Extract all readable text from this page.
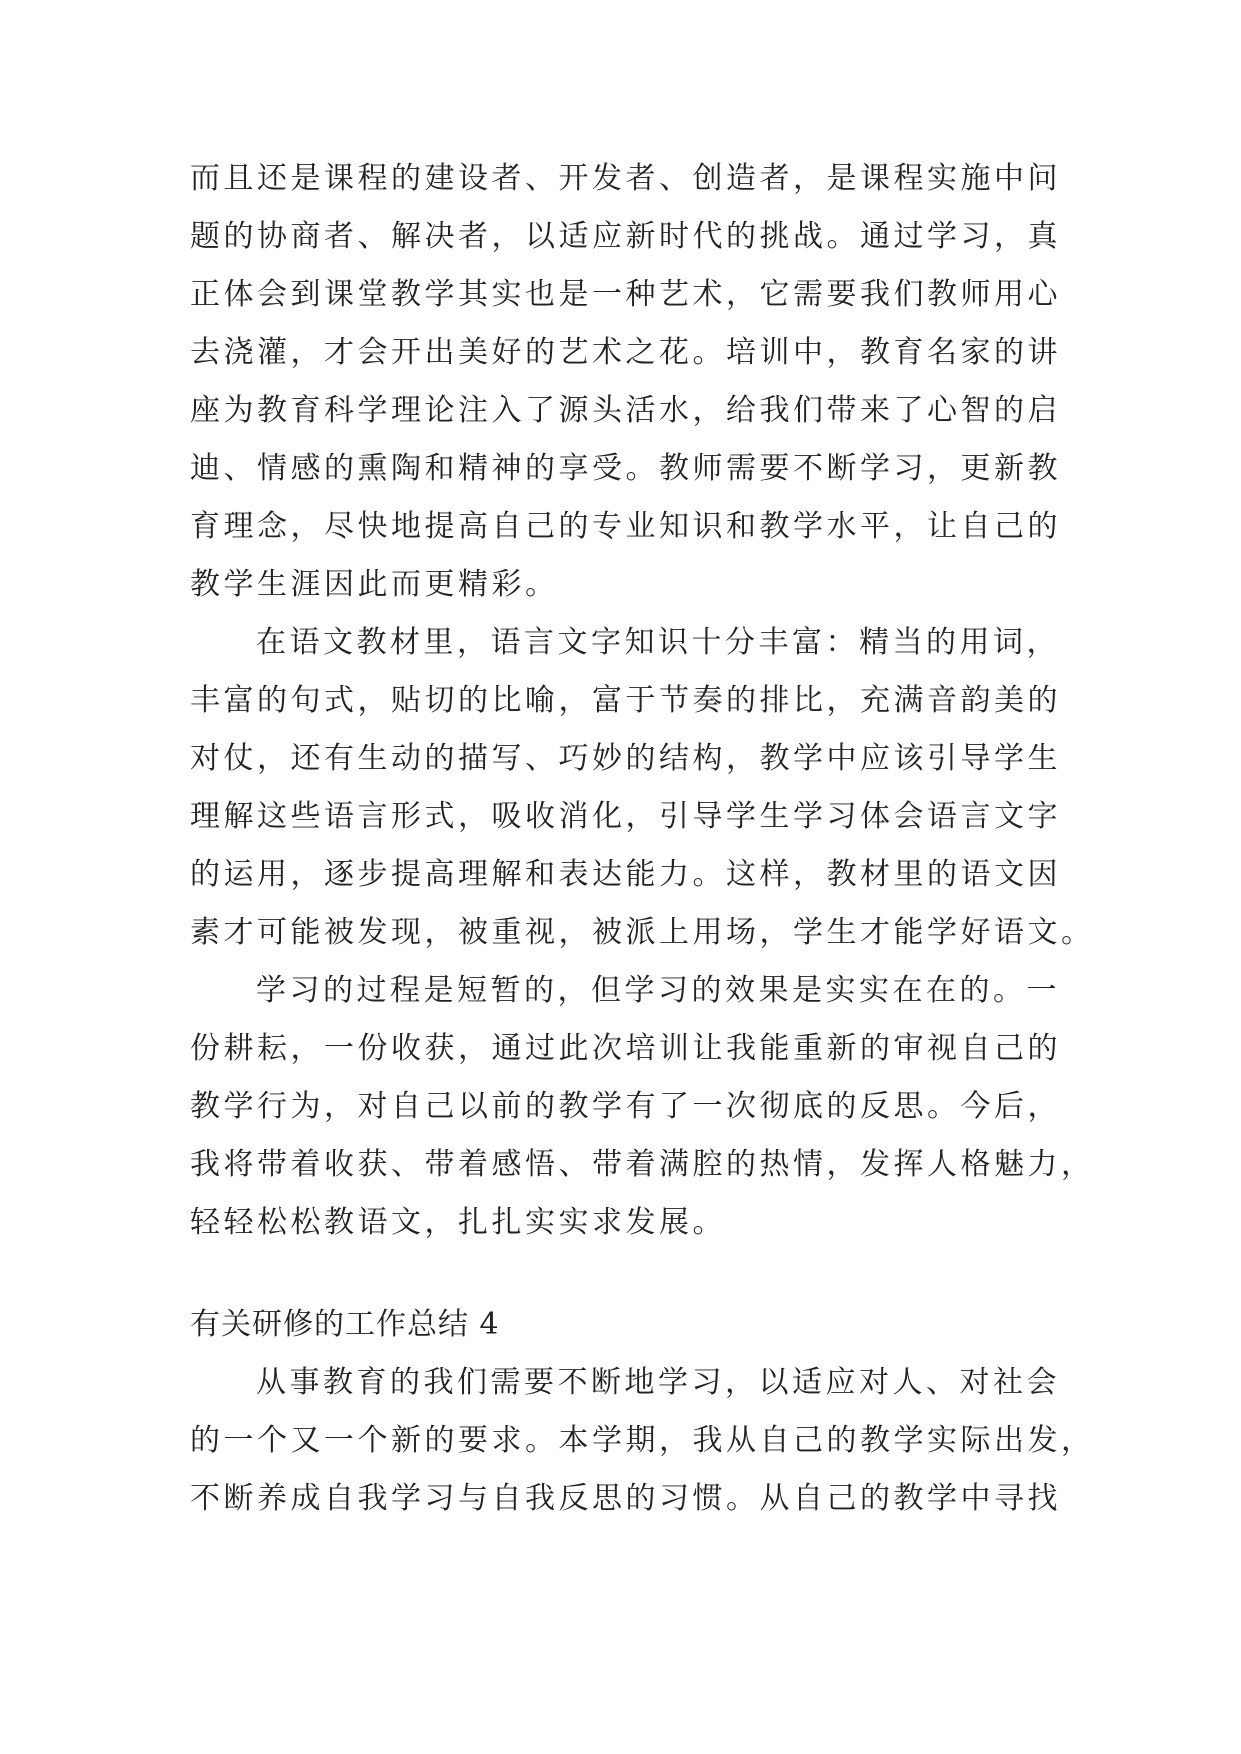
而且还是课程的建设者、开发者、创造者，是课程实施中问
题的协商者、解决者，以适应新时代的挑战。通过学习，真
正体会到课堂教学其实也是一种艺术，它需要我们教师用心
去浇灌，才会开出美好的艺术之花。培训中，教育名家的讲
座为教育科学理论注入了源头活水，给我们带来了心智的启
迪、情感的熏陶和精神的享受。教师需要不断学习，更新教
育理念，尽快地提高自己的专业知识和教学水平，让自己的
教学生涯因此而更精彩。
在语文教材里，语言文字知识十分丰富：精当的用词，
丰富的句式，贴切的比喻，富于节奏的排比，充满音韵美的
对仗，还有生动的描写、巧妙的结构，教学中应该引导学生
理解这些语言形式，吸收消化，引导学生学习体会语言文字
的运用，逐步提高理解和表达能力。这样，教材里的语文因
素才可能被发现，被重视，被派上用场，学生才能学好语文。
学习的过程是短暂的，但学习的效果是实实在在的。一
份耕耘，一份收获，通过此次培训让我能重新的审视自己的
教学行为，对自己以前的教学有了一次彻底的反思。今后，
我将带着收获、带着感悟、带着满腔的热情，发挥人格魅力，
轻轻松松教语文，扎扎实实求发展。
有关研修的工作总结 4
从事教育的我们需要不断地学习，以适应对人、对社会
的一个又一个新的要求。本学期，我从自己的教学实际出发，
不断养成自我学习与自我反思的习惯。从自己的教学中寻找
